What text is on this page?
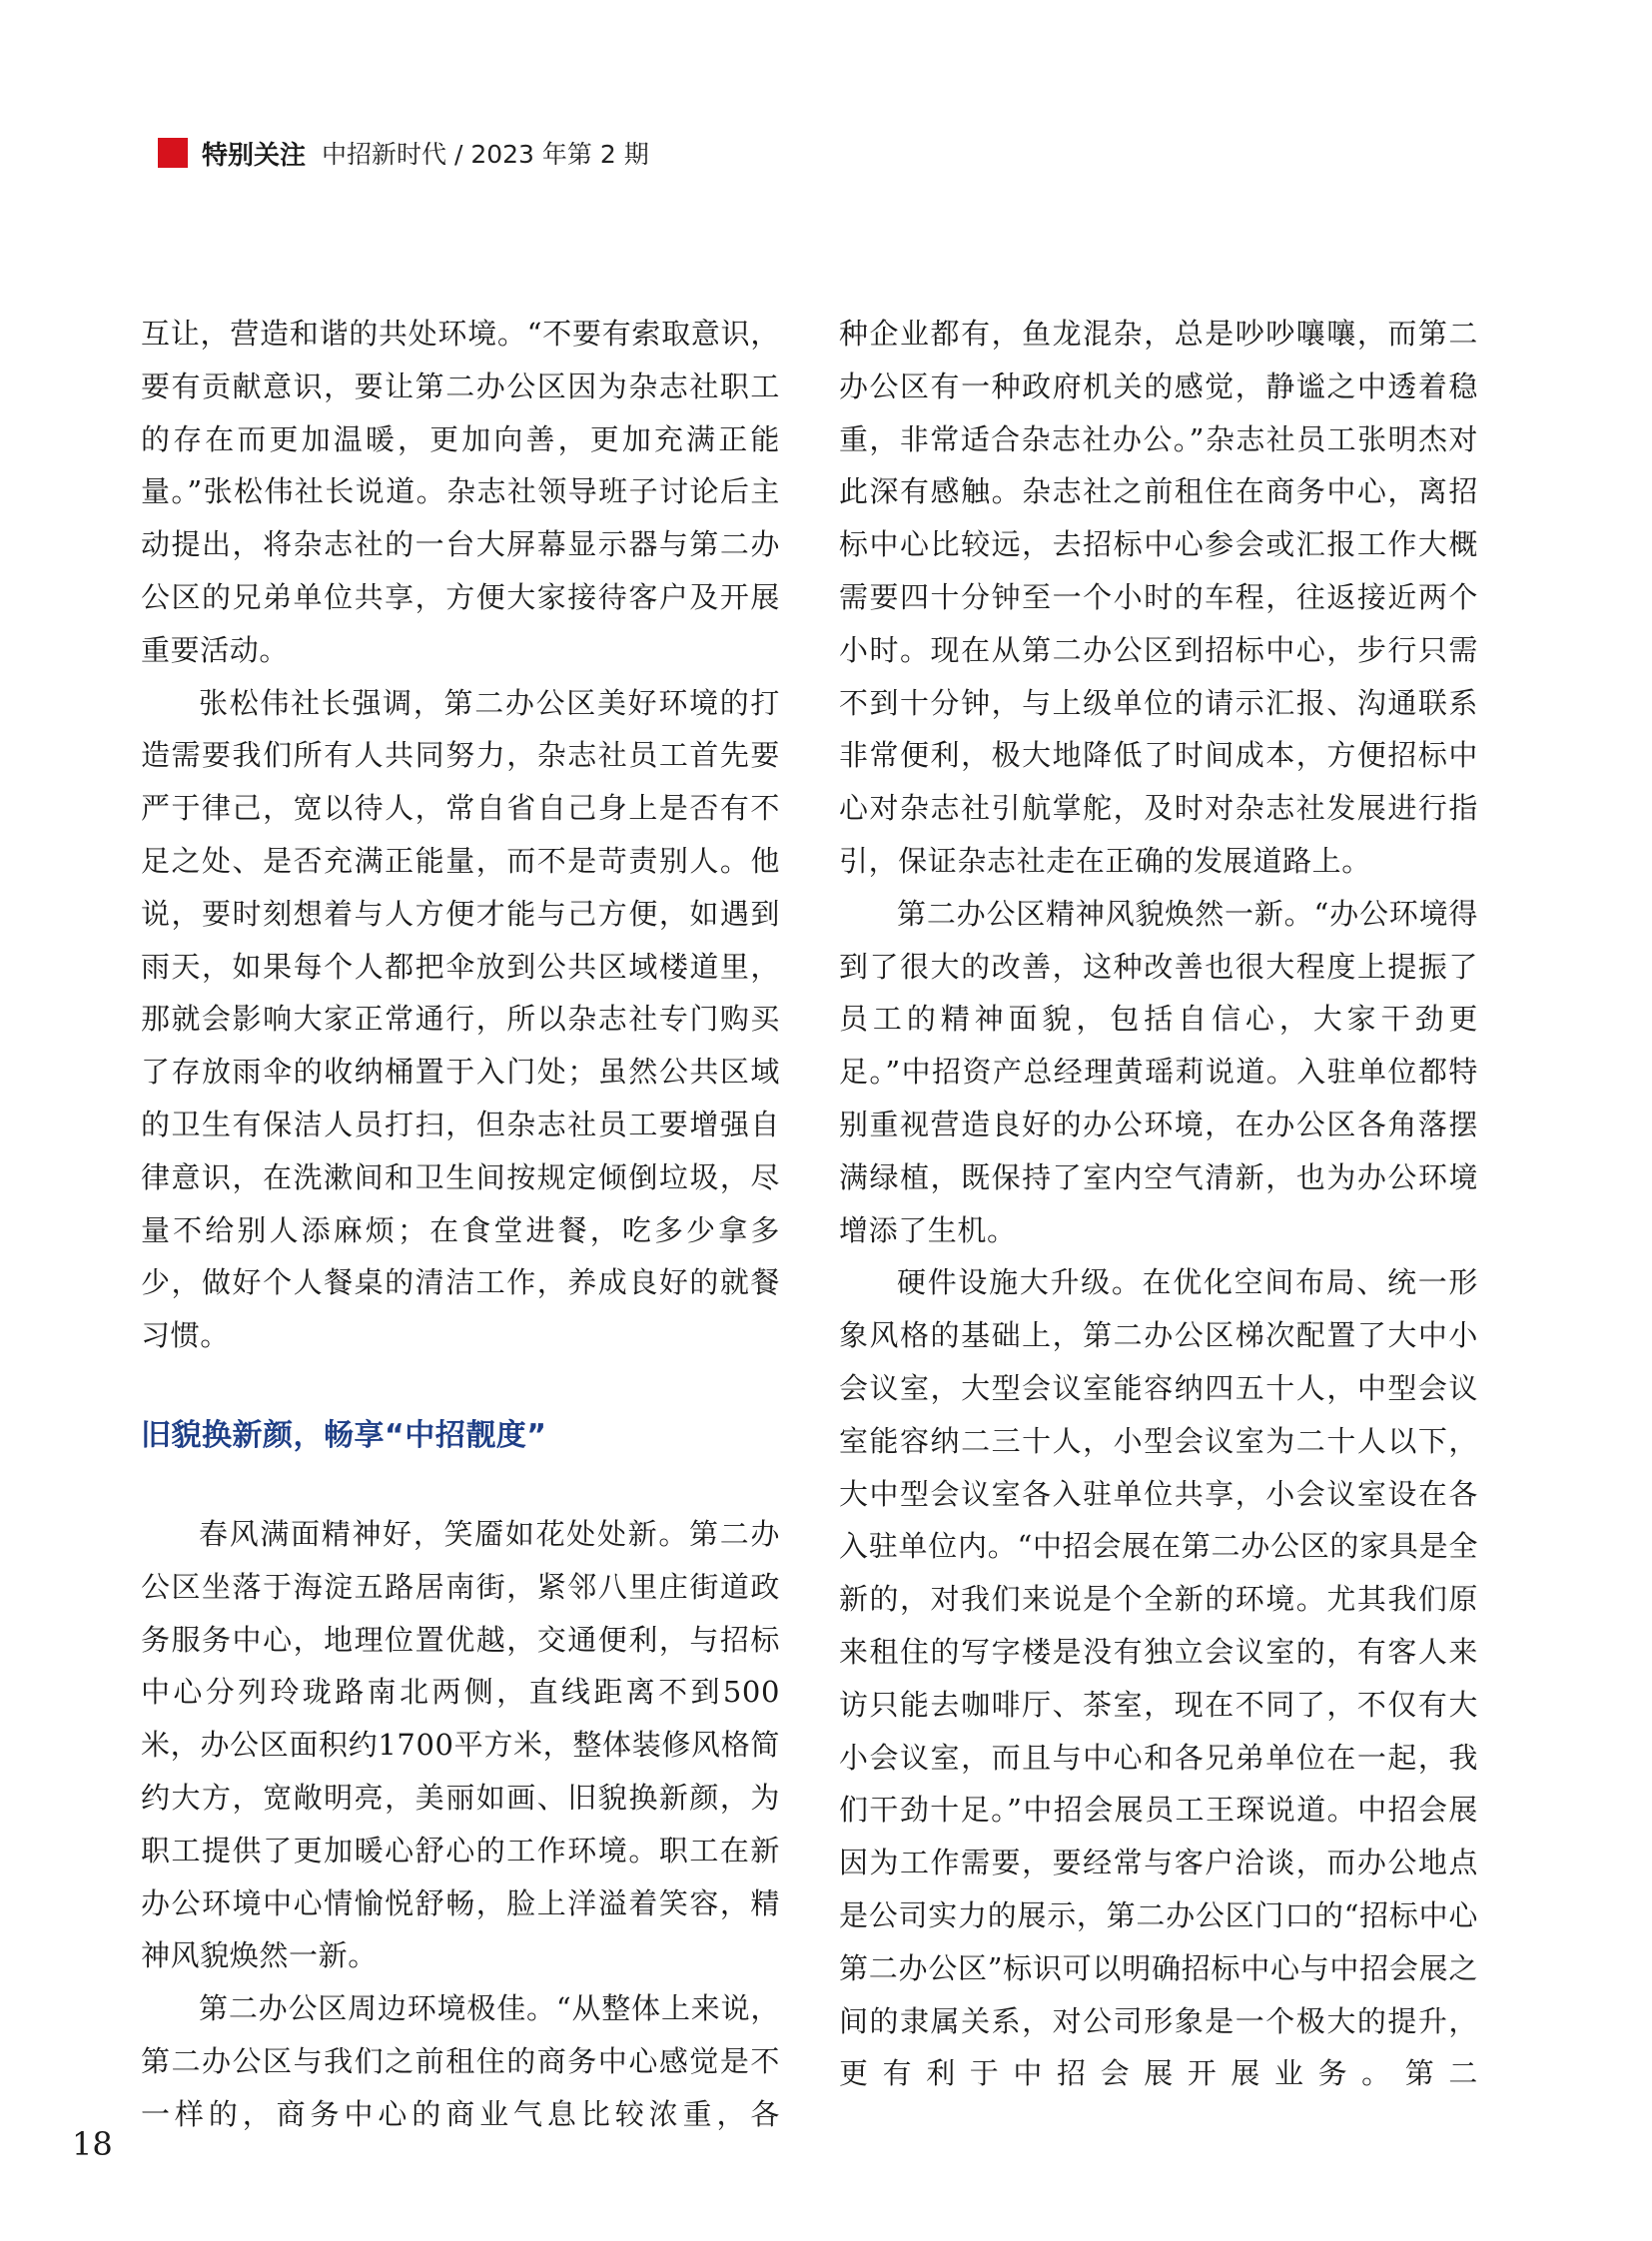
特别关注 中招新时代 / 2023 年第 2 期

互让，营造和谐的共处环境。“不要有索取意识，要有贡献意识，要让第二办公区因为杂志社职工的存在而更加温暖，更加向善，更加充满正能量。”张松伟社长说道。杂志社领导班子讨论后主动提出，将杂志社的一台大屏幕显示器与第二办公区的兄弟单位共享，方便大家接待客户及开展重要活动。

张松伟社长强调，第二办公区美好环境的打造需要我们所有人共同努力，杂志社员工首先要严于律己，宽以待人，常自省自己身上是否有不足之处、是否充满正能量，而不是苛责别人。他说，要时刻想着与人方便才能与己方便，如遇到雨天，如果每个人都把伞放到公共区域楼道里，那就会影响大家正常通行，所以杂志社专门购买了存放雨伞的收纳桶置于入门处；虽然公共区域的卫生有保洁人员打扫，但杂志社员工要增强自律意识，在洗漱间和卫生间按规定倾倒垃圾，尽量不给别人添麻烦；在食堂进餐，吃多少拿多少，做好个人餐桌的清洁工作，养成良好的就餐习惯。

旧貌换新颜，畅享“中招靓度”

春风满面精神好，笑靥如花处处新。第二办公区坐落于海淀五路居南街，紧邻八里庄街道政务服务中心，地理位置优越，交通便利，与招标中心分列玲珑路南北两侧，直线距离不到500米，办公区面积约1700平方米，整体装修风格简约大方，宽敞明亮，美丽如画、旧貌换新颜，为职工提供了更加暖心舒心的工作环境。职工在新办公环境中心情愉悦舒畅，脸上洋溢着笑容，精神风貌焕然一新。

第二办公区周边环境极佳。“从整体上来说，第二办公区与我们之前租住的商务中心感觉是不一样的，商务中心的商业气息比较浓重，各

种企业都有，鱼龙混杂，总是吵吵嚷嚷，而第二办公区有一种政府机关的感觉，静谧之中透着稳重，非常适合杂志社办公。”杂志社员工张明杰对此深有感触。杂志社之前租住在商务中心，离招标中心比较远，去招标中心参会或汇报工作大概需要四十分钟至一个小时的车程，往返接近两个小时。现在从第二办公区到招标中心，步行只需不到十分钟，与上级单位的请示汇报、沟通联系非常便利，极大地降低了时间成本，方便招标中心对杂志社引航掌舵，及时对杂志社发展进行指引，保证杂志社走在正确的发展道路上。

第二办公区精神风貌焕然一新。“办公环境得到了很大的改善，这种改善也很大程度上提振了员工的精神面貌，包括自信心，大家干劲更足。”中招资产总经理黄瑶莉说道。入驻单位都特别重视营造良好的办公环境，在办公区各角落摆满绿植，既保持了室内空气清新，也为办公环境增添了生机。

硬件设施大升级。在优化空间布局、统一形象风格的基础上，第二办公区梯次配置了大中小会议室，大型会议室能容纳四五十人，中型会议室能容纳二三十人，小型会议室为二十人以下，大中型会议室各入驻单位共享，小会议室设在各入驻单位内。“中招会展在第二办公区的家具是全新的，对我们来说是个全新的环境。尤其我们原来租住的写字楼是没有独立会议室的，有客人来访只能去咖啡厅、茶室，现在不同了，不仅有大小会议室，而且与中心和各兄弟单位在一起，我们干劲十足。”中招会展员工王琛说道。中招会展因为工作需要，要经常与客户洽谈，而办公地点是公司实力的展示，第二办公区门口的“招标中心第二办公区”标识可以明确招标中心与中招会展之间的隶属关系，对公司形象是一个极大的提升，更有利于中招会展开展业务。第二

18
